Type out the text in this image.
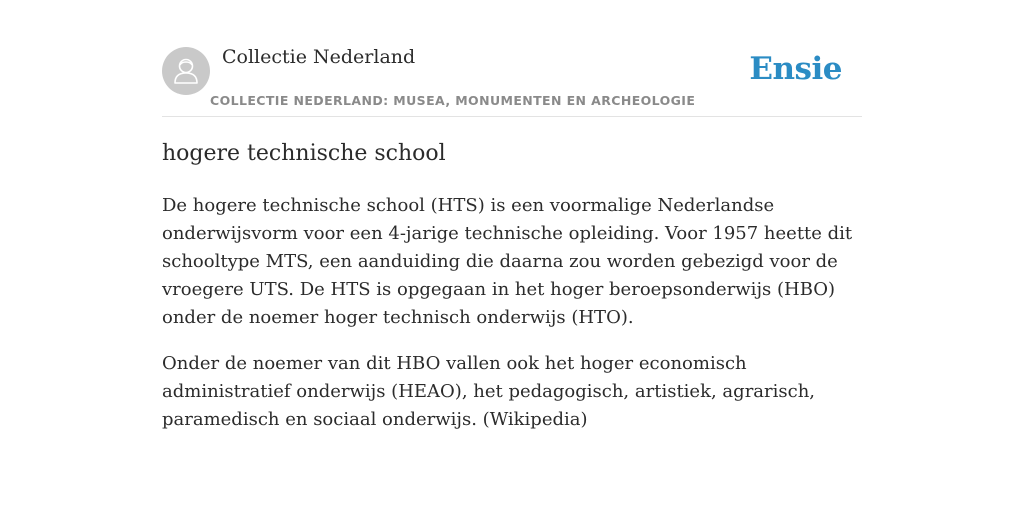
Collectie Nederland
COLLECTIE NEDERLAND: MUSEA, MONUMENTEN EN ARCHEOLOGIE
Ensie
hogere technische school

De hogere technische school (HTS) is een voormalige Nederlandse onderwijsvorm voor een 4-jarige technische opleiding. Voor 1957 heette dit schooltype MTS, een aanduiding die daarna zou worden gebezigd voor de vroegere UTS. De HTS is opgegaan in het hoger beroepsonderwijs (HBO) onder de noemer hoger technisch onderwijs (HTO).

Onder de noemer van dit HBO vallen ook het hoger economisch administratief onderwijs (HEAO), het pedagogisch, artistiek, agrarisch, paramedisch en sociaal onderwijs. (Wikipedia)
